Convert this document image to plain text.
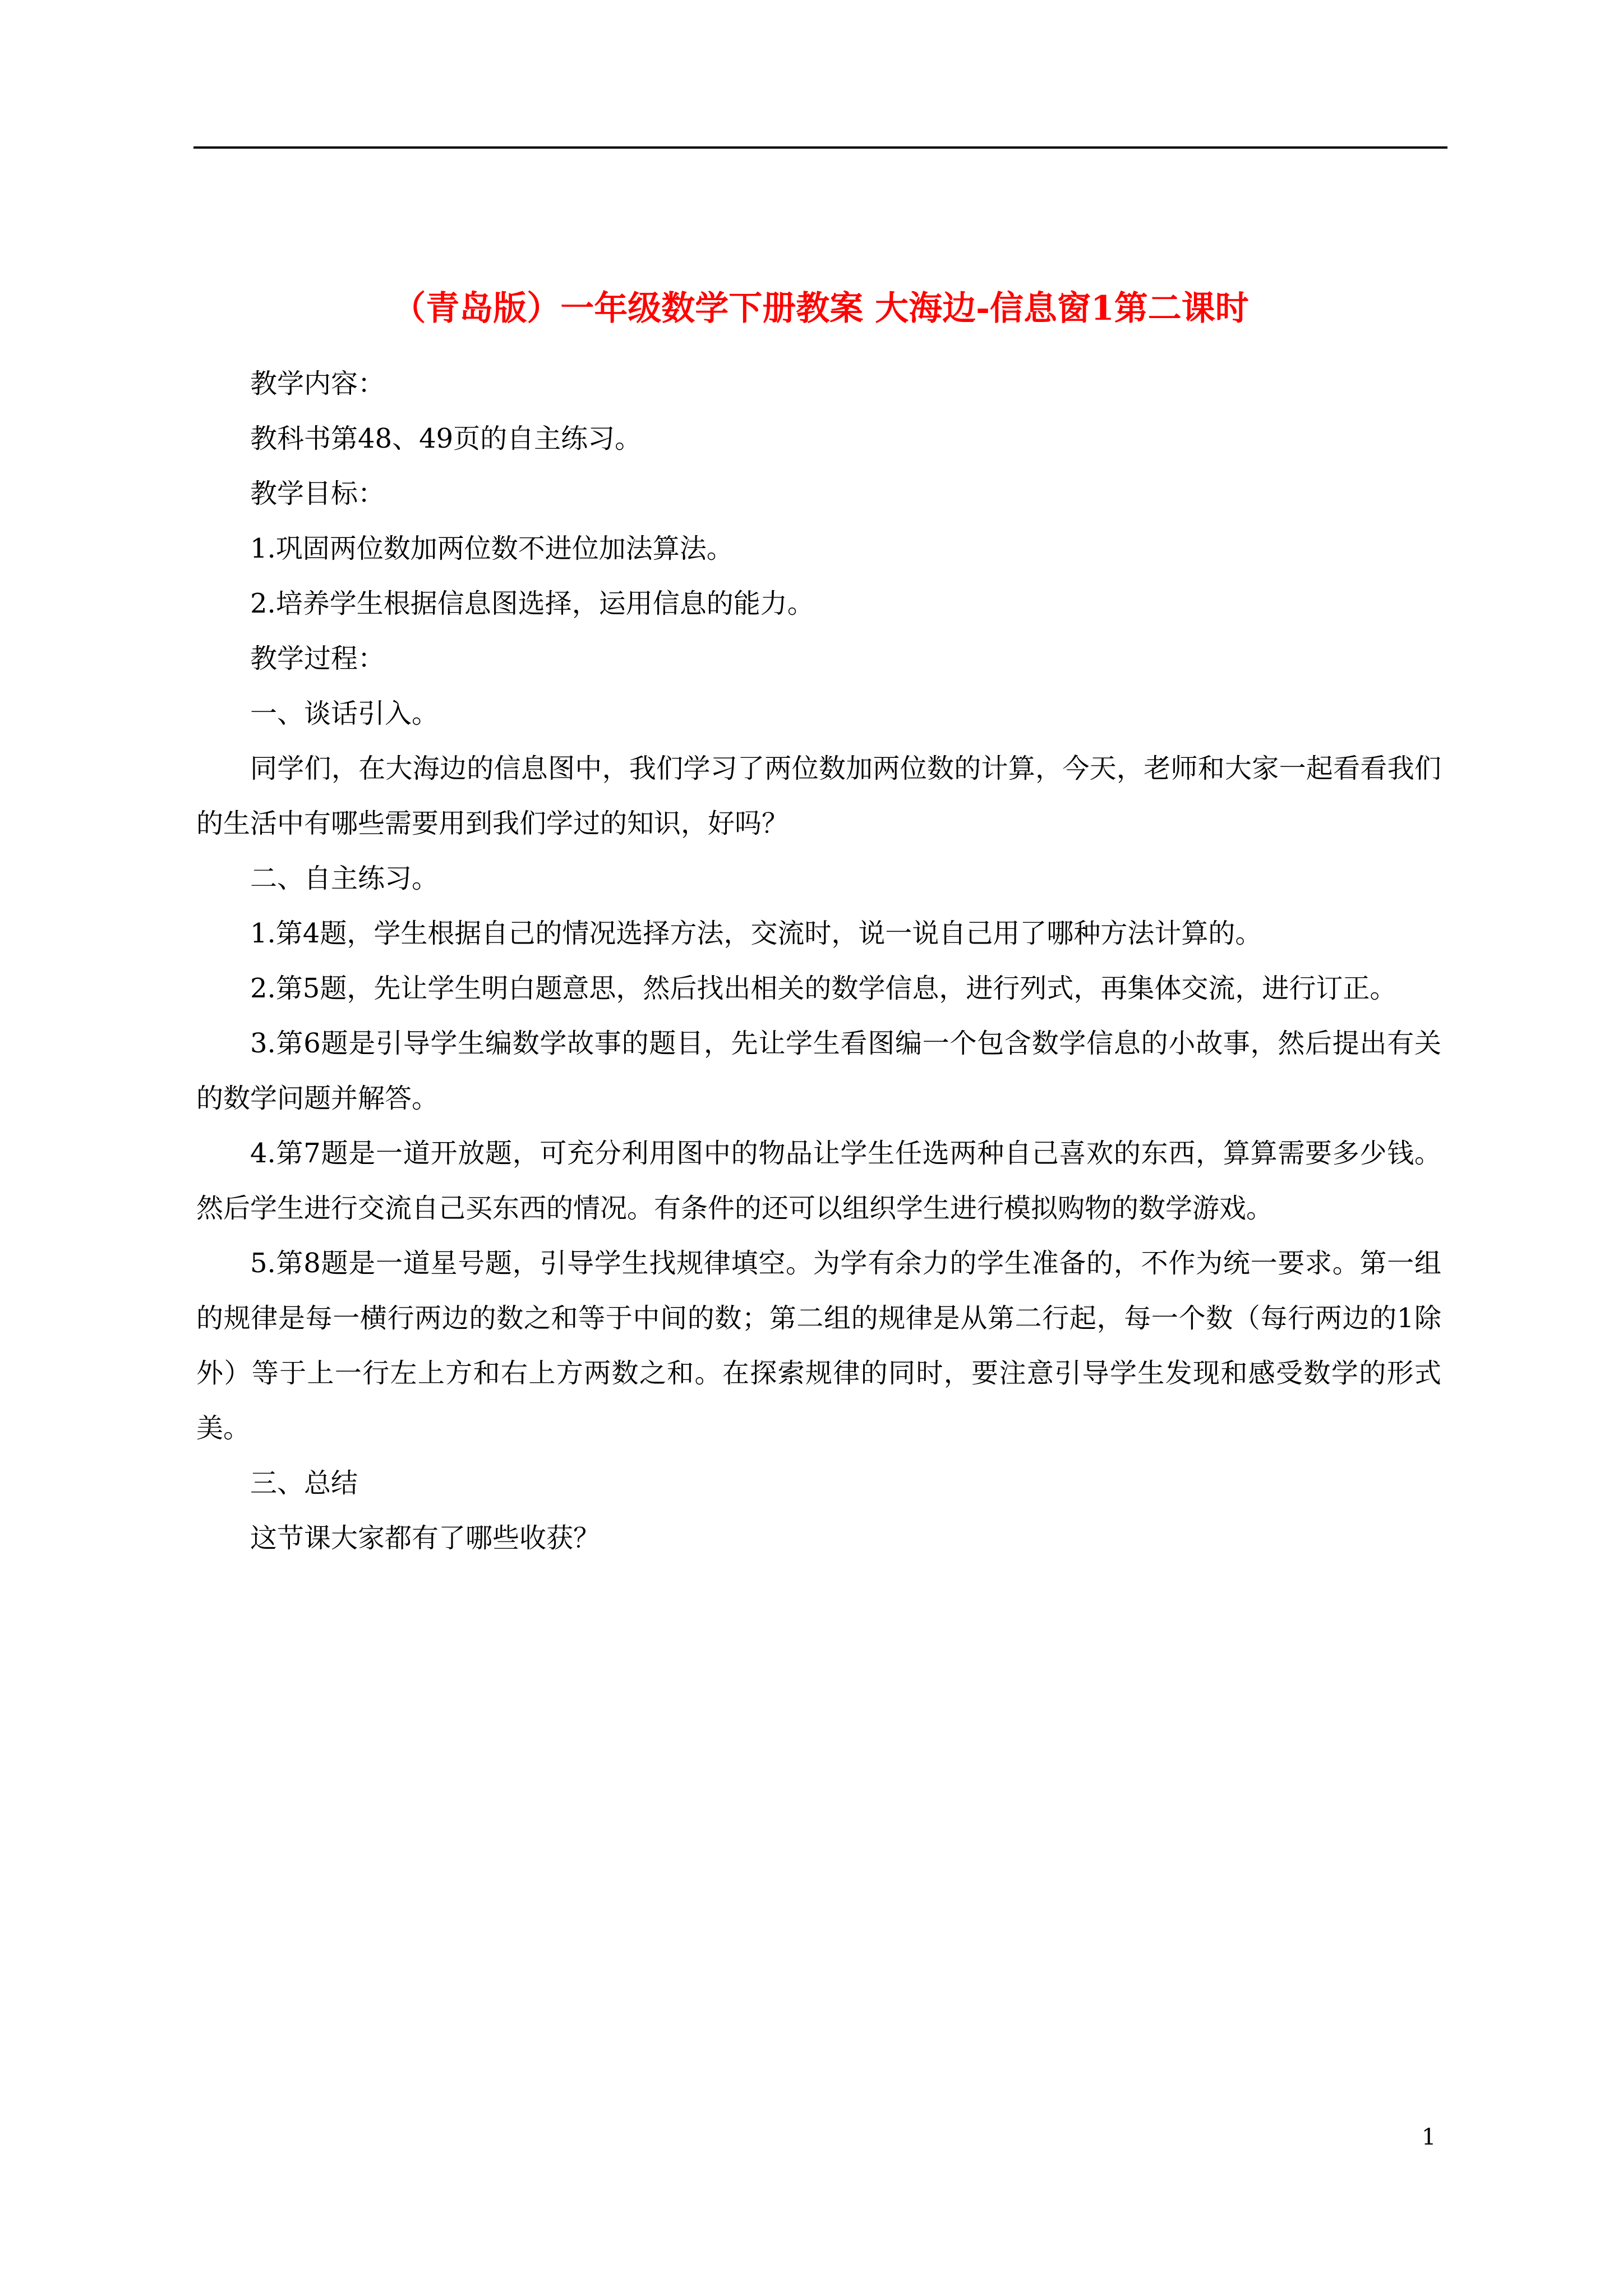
（青岛版）一年级数学下册教案 大海边-信息窗1第二课时

教学内容：

教科书第48、49页的自主练习。

教学目标：

1.巩固两位数加两位数不进位加法算法。

2.培养学生根据信息图选择，运用信息的能力。

教学过程：

一、谈话引入。

同学们，在大海边的信息图中，我们学习了两位数加两位数的计算，今天，老师和大家一起看看我们的生活中有哪些需要用到我们学过的知识，好吗？

二、自主练习。

1.第4题，学生根据自己的情况选择方法，交流时，说一说自己用了哪种方法计算的。

2.第5题，先让学生明白题意思，然后找出相关的数学信息，进行列式，再集体交流，进行订正。

3.第6题是引导学生编数学故事的题目，先让学生看图编一个包含数学信息的小故事，然后提出有关的数学问题并解答。

4.第7题是一道开放题，可充分利用图中的物品让学生任选两种自己喜欢的东西，算算需要多少钱。然后学生进行交流自己买东西的情况。有条件的还可以组织学生进行模拟购物的数学游戏。

5.第8题是一道星号题，引导学生找规律填空。为学有余力的学生准备的，不作为统一要求。第一组的规律是每一横行两边的数之和等于中间的数；第二组的规律是从第二行起，每一个数（每行两边的1除外）等于上一行左上方和右上方两数之和。在探索规律的同时，要注意引导学生发现和感受数学的形式美。

三、总结

这节课大家都有了哪些收获？

1
